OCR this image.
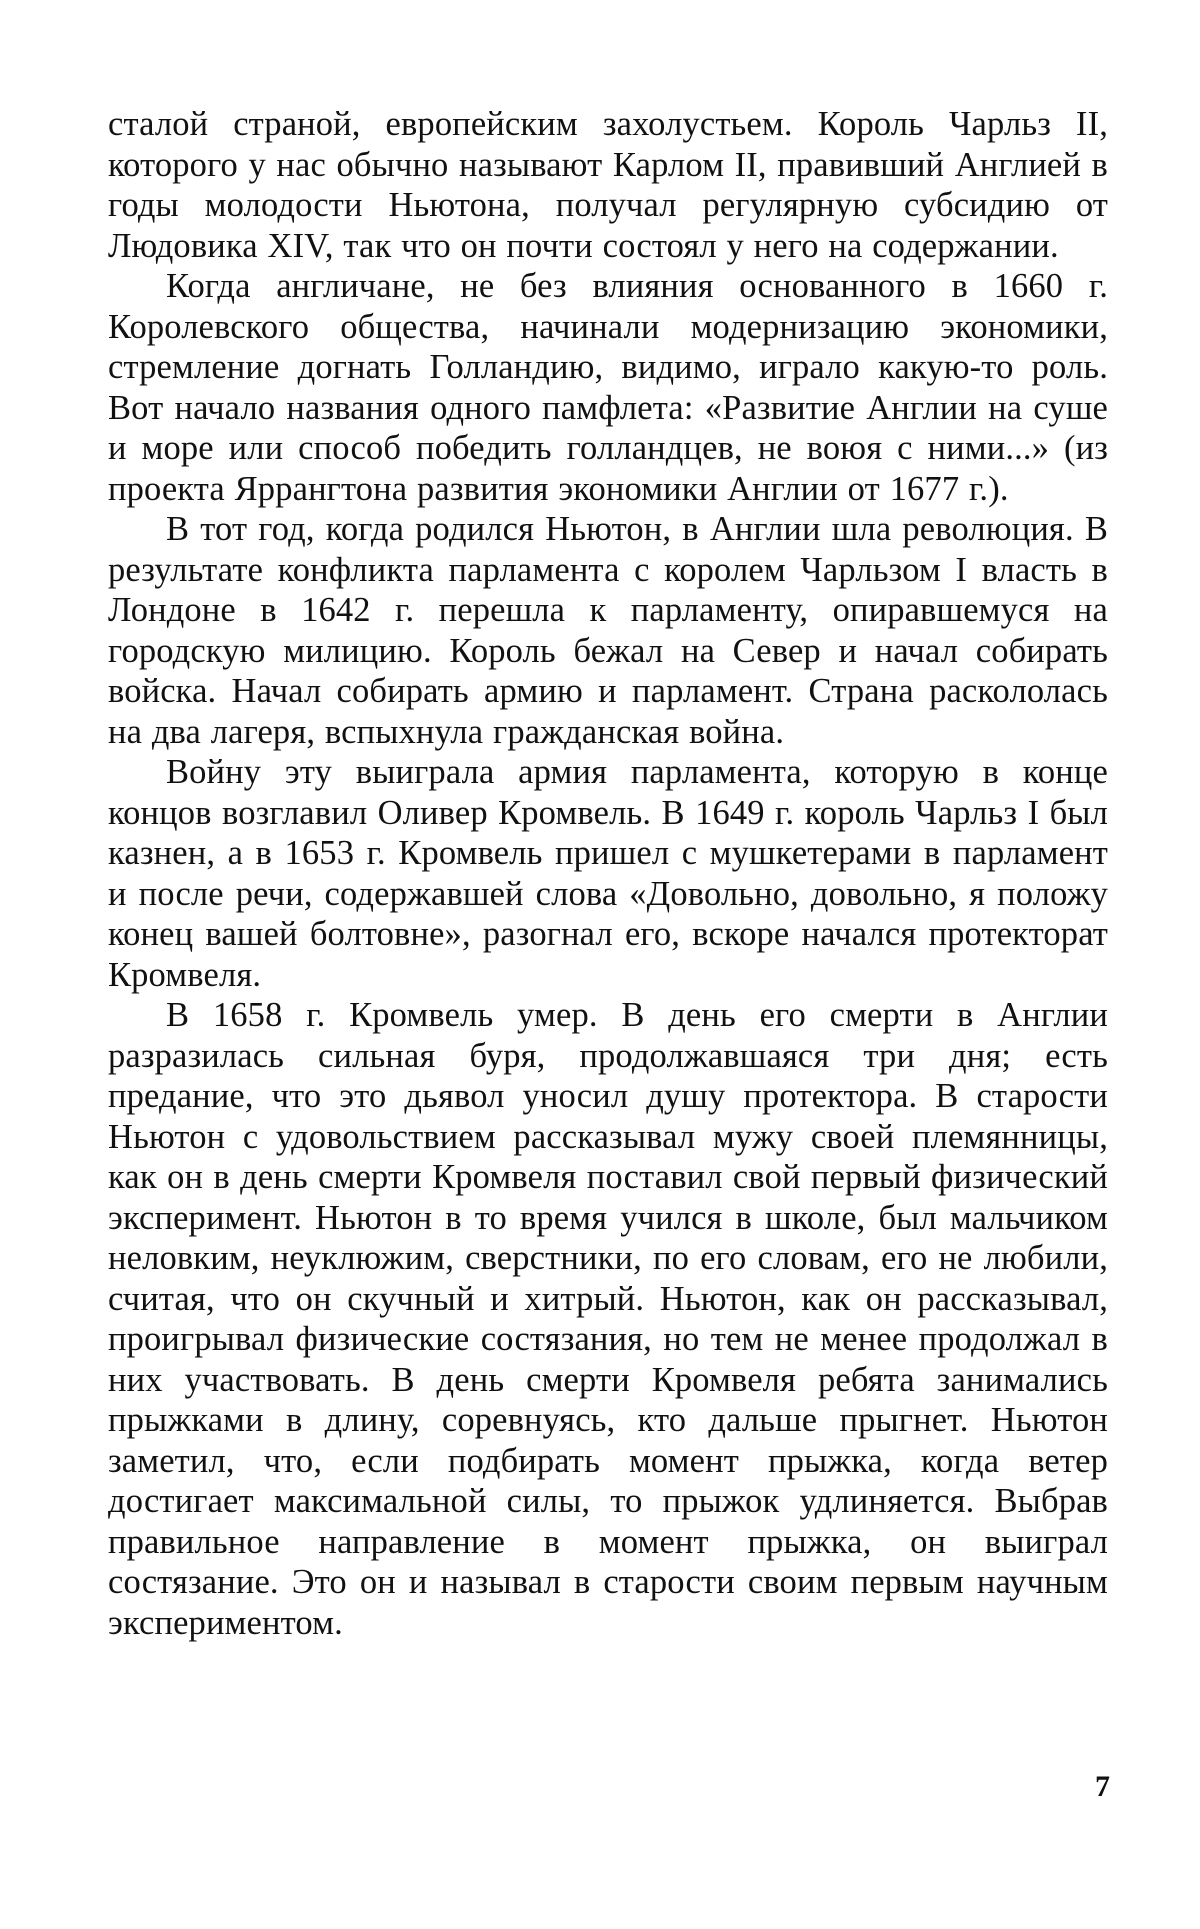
сталой страной, европейским захолустьем. Король Чарльз II, которого у нас обычно называют Карлом II, правивший Англией в годы молодости Ньютона, получал регулярную субсидию от Людовика XIV, так что он почти состоял у него на содержании.

Когда англичане, не без влияния основанного в 1660 г. Королевского общества, начинали модернизацию экономики, стремление догнать Голландию, видимо, играло какую-то роль. Вот начало названия одного памфлета: «Развитие Англии на суше и море или способ победить голландцев, не воюя с ними...» (из проекта Яррангтона развития экономики Англии от 1677 г.).

В тот год, когда родился Ньютон, в Англии шла революция. В результате конфликта парламента с королем Чарльзом I власть в Лондоне в 1642 г. перешла к парламенту, опиравшемуся на городскую милицию. Король бежал на Север и начал собирать войска. Начал собирать армию и парламент. Страна раскололась на два лагеря, вспыхнула гражданская война.

Войну эту выиграла армия парламента, которую в конце концов возглавил Оливер Кромвель. В 1649 г. король Чарльз I был казнен, а в 1653 г. Кромвель пришел с мушкетерами в парламент и после речи, содержавшей слова «Довольно, довольно, я положу конец вашей болтовне», разогнал его, вскоре начался протекторат Кромвеля.

В 1658 г. Кромвель умер. В день его смерти в Англии разразилась сильная буря, продолжавшаяся три дня; есть предание, что это дьявол уносил душу протектора. В старости Ньютон с удовольствием рассказывал мужу своей племянницы, как он в день смерти Кромвеля поставил свой первый физический эксперимент. Ньютон в то время учился в школе, был мальчиком неловким, неуклюжим, сверстники, по его словам, его не любили, считая, что он скучный и хитрый. Ньютон, как он рассказывал, проигрывал физические состязания, но тем не менее продолжал в них участвовать. В день смерти Кромвеля ребята занимались прыжками в длину, соревнуясь, кто дальше прыгнет. Ньютон заметил, что, если подбирать момент прыжка, когда ветер достигает максимальной силы, то прыжок удлиняется. Выбрав правильное направление в момент прыжка, он выиграл состязание. Это он и называл в старости своим первым научным экспериментом.

7
